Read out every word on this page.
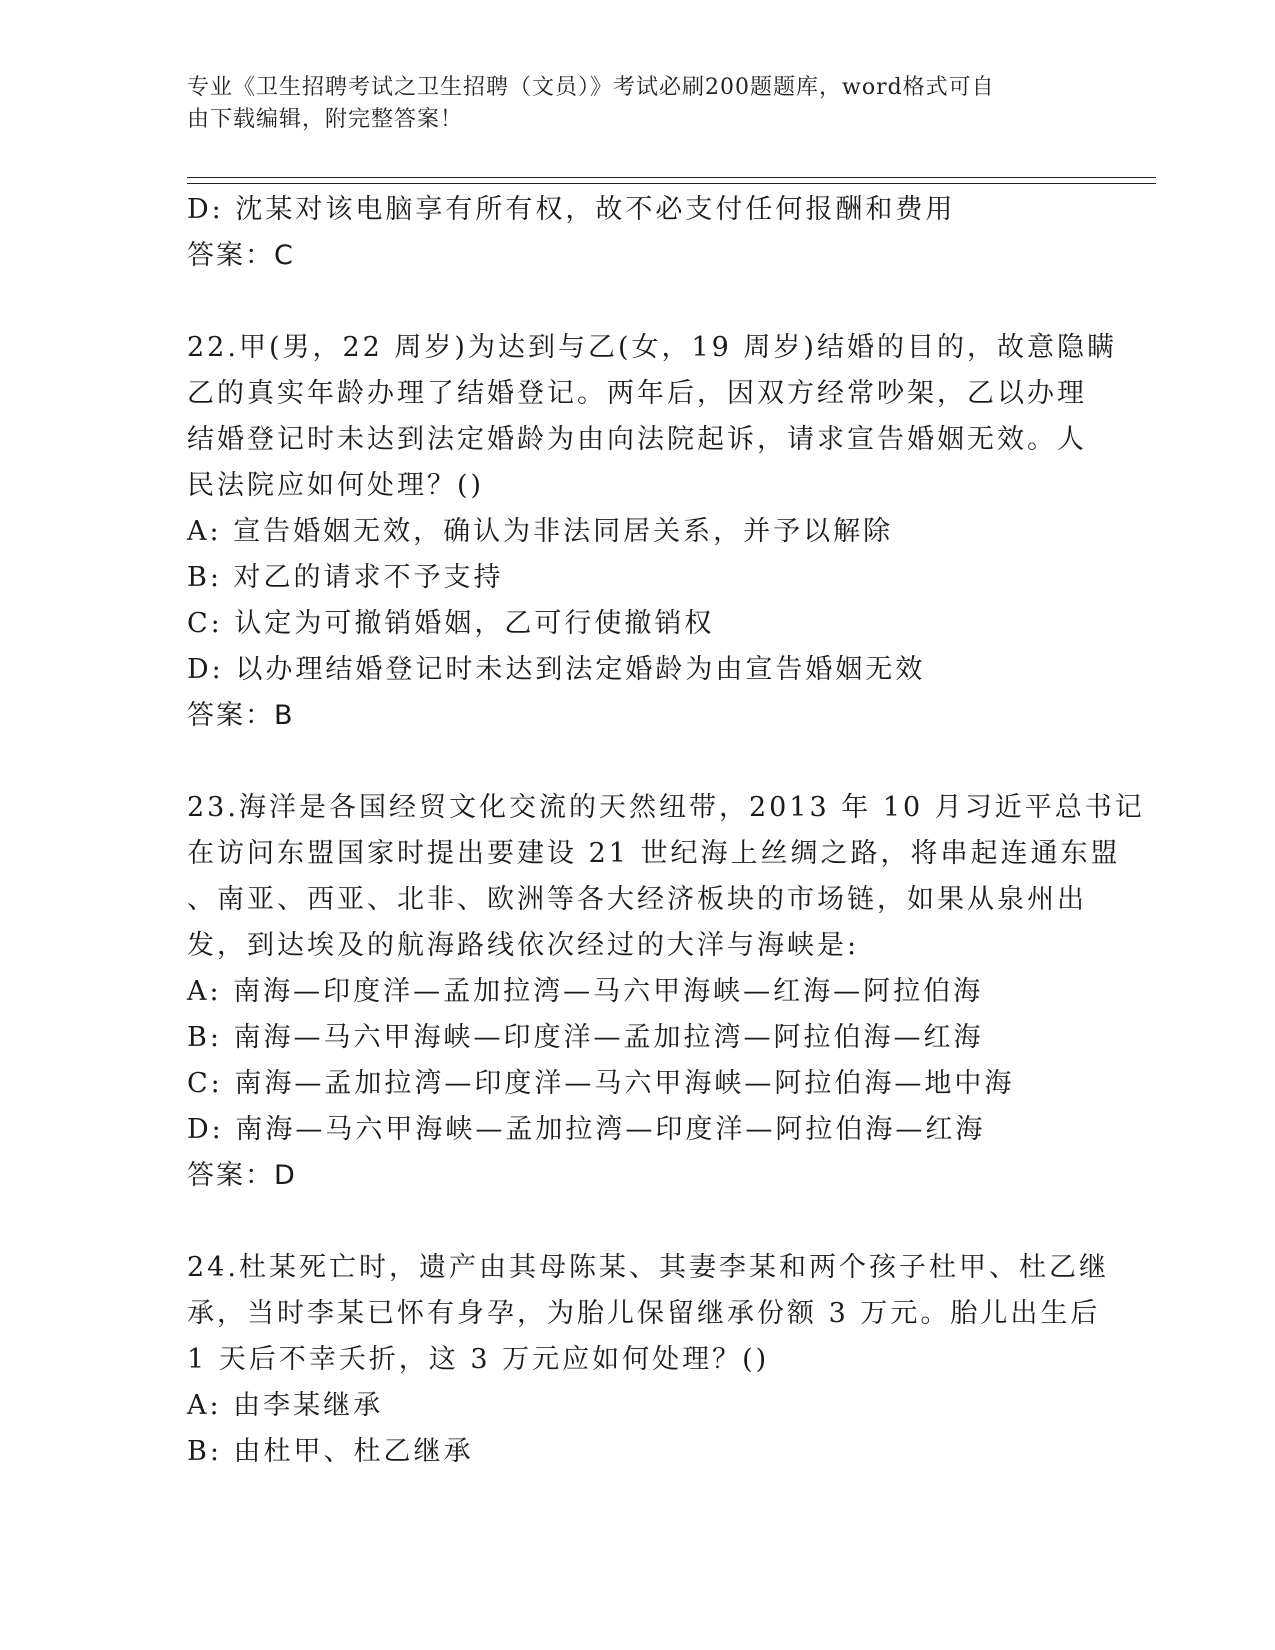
专业《卫生招聘考试之卫生招聘（文员）》考试必刷200题题库，word格式可自
由下载编辑，附完整答案！
D: 沈某对该电脑享有所有权，故不必支付任何报酬和费用
答案：C
22.甲(男，22 周岁)为达到与乙(女，19 周岁)结婚的目的，故意隐瞒
乙的真实年龄办理了结婚登记。两年后，因双方经常吵架，乙以办理
结婚登记时未达到法定婚龄为由向法院起诉，请求宣告婚姻无效。人
民法院应如何处理？()
A: 宣告婚姻无效，确认为非法同居关系，并予以解除
B: 对乙的请求不予支持
C: 认定为可撤销婚姻，乙可行使撤销权
D: 以办理结婚登记时未达到法定婚龄为由宣告婚姻无效
答案：B
23.海洋是各国经贸文化交流的天然纽带，2013 年 10 月习近平总书记
在访问东盟国家时提出要建设 21 世纪海上丝绸之路，将串起连通东盟
、南亚、西亚、北非、欧洲等各大经济板块的市场链，如果从泉州出
发，到达埃及的航海路线依次经过的大洋与海峡是:
A: 南海—印度洋—孟加拉湾—马六甲海峡—红海—阿拉伯海
B: 南海—马六甲海峡—印度洋—孟加拉湾—阿拉伯海—红海
C: 南海—孟加拉湾—印度洋—马六甲海峡—阿拉伯海—地中海
D: 南海—马六甲海峡—孟加拉湾—印度洋—阿拉伯海—红海
答案：D
24.杜某死亡时，遗产由其母陈某、其妻李某和两个孩子杜甲、杜乙继
承，当时李某已怀有身孕，为胎儿保留继承份额 3 万元。胎儿出生后
1 天后不幸夭折，这 3 万元应如何处理？()
A: 由李某继承
B: 由杜甲、杜乙继承
